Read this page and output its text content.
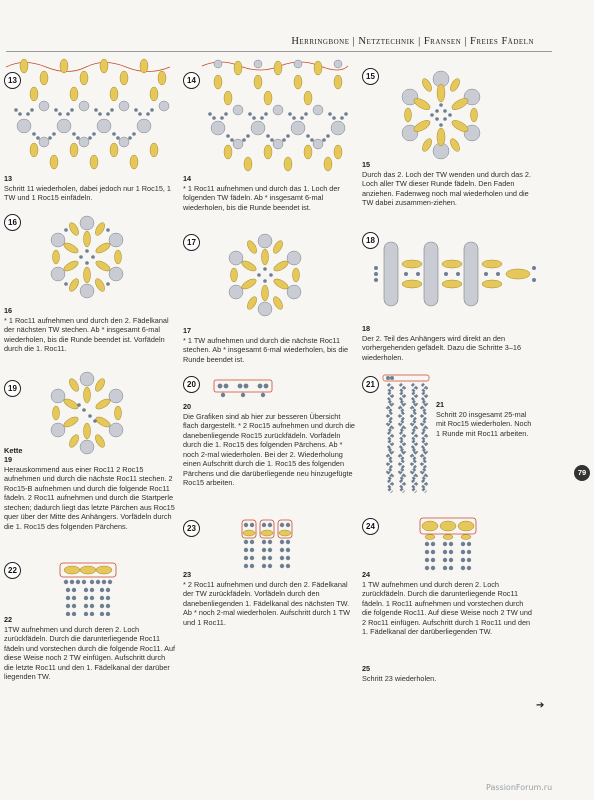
Herringbone | Netztechnik | Fransen | Freies Fädeln
13
13
Schritt 11 wiederholen, dabei jedoch nur 1 Roc15, 1 TW und 1 Roc15 einfädeln.
14
14
* 1 Roc11 aufnehmen und durch das 1. Loch der folgenden TW fädeln. Ab * insgesamt 6-mal wiederholen, bis die Runde beendet ist.
15
15
Durch das 2. Loch der TW wenden und durch das 2. Loch aller TW dieser Runde fädeln. Den Faden anziehen. Fadenweg noch mal wiederholen und die TW dabei zusammen-ziehen.
16
16
* 1 Roc11 aufnehmen und durch den 2. Fädelkanal der nächsten TW stechen. Ab * insgesamt 6-mal wiederholen, bis die Runde beendet ist. Vorfädeln durch die 1. Roc11.
17
17
* 1 TW aufnehmen und durch die nächste Roc11 stechen. Ab * insgesamt 6-mal wiederholen, bis die Runde beendet ist.
18
18
Der 2. Teil des Anhängers wird direkt an den vorhergehenden gefädelt. Dazu die Schritte 3–16 wiederholen.
19
Kette
19
Herauskommend aus einer Roc11 2 Roc15 aufnehmen und durch die nächste Roc11 stechen. 2 Roc15-B aufnehmen und durch die folgende Roc11 fädeln. 2 Roc11 aufnehmen und durch die Startperle stechen; dadurch liegt das letzte Pärchen aus Roc15 quer über der Mitte des Anhängers. Vorfädeln durch die 1. Roc15 des folgenden Pärchens.
20
20
Die Grafiken sind ab hier zur besseren Übersicht flach dargestellt. * 2 Roc15 aufnehmen und durch die danebenliegende Roc15 zurückfädeln. Vorfädeln durch die 1. Roc15 des folgenden Pärchens. Ab * noch 2-mal wiederholen. Bei der 2. Wiederholung einen Aufschritt durch die 1. Roc15 des folgenden Pärchens und die darüberliegende neu hinzugefügte Roc15 arbeiten.
21
21
Schritt 20 insgesamt 25-mal mit Roc15 wiederholen. Noch 1 Runde mit Roc11 arbeiten.
22
22
1TW aufnehmen und durch deren 2. Loch zurückfädeln. Durch die darunterliegende Roc11 fädeln und vorstechen durch die folgende Roc11. Auf diese Weise noch 2 TW einfügen. Aufschritt durch die letzte Roc11 und den 1. Fädelkanal der darüber liegenden TW.
23
23
* 2 Roc11 aufnehmen und durch den 2. Fädelkanal der TW zurückfädeln. Vorfädeln durch den danebenliegenden 1. Fädelkanal des nächsten TW. Ab * noch 2-mal wiederholen. Aufschritt durch 1 TW und 1 Roc11.
24
24
1 TW aufnehmen und durch deren 2. Loch zurückfädeln. Durch die darunterliegende Roc11 fädeln. 1 Roc11 aufnehmen und vorstechen durch die folgende Roc11. Auf diese Weise noch 2 TW und 2 Roc11 einfügen. Aufschritt durch 1 Roc11 und den 1. Fädelkanal der darüberliegenden TW.
25
Schritt 23 wiederholen.
➔
79
PassionForum.ru
